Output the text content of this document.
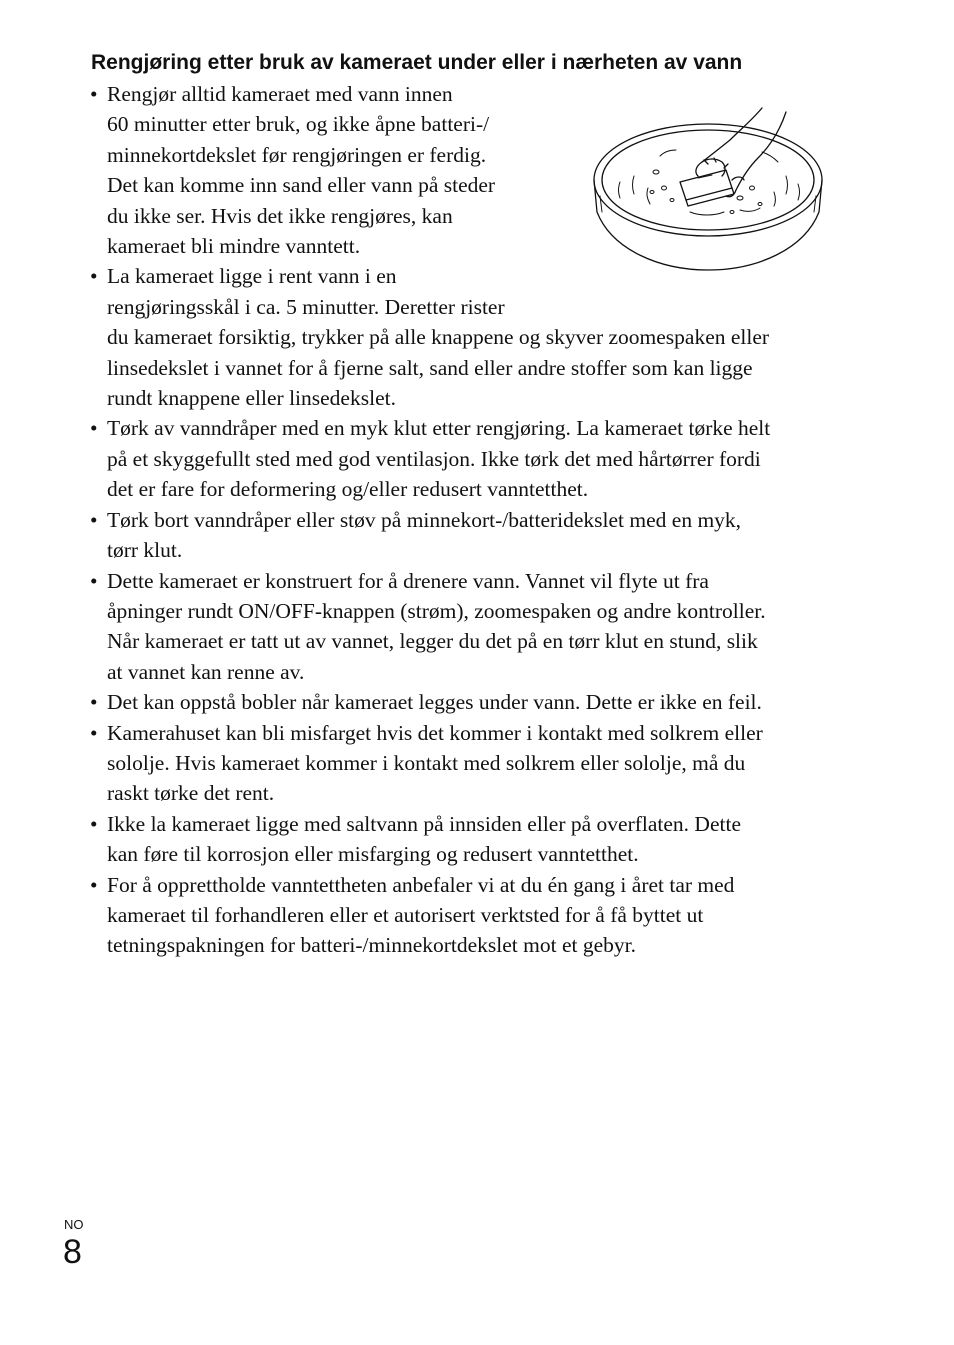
Rengjøring etter bruk av kameraet under eller i nærheten av vann
• Rengjør alltid kameraet med vann innen
60 minutter etter bruk, og ikke åpne batteri-/
minnekortdekslet før rengjøringen er ferdig.
Det kan komme inn sand eller vann på steder
du ikke ser. Hvis det ikke rengjøres, kan
kameraet bli mindre vanntett.
• La kameraet ligge i rent vann i en
rengjøringsskål i ca. 5 minutter. Deretter rister
du kameraet forsiktig, trykker på alle knappene og skyver zoomespaken eller
linsedekslet i vannet for å fjerne salt, sand eller andre stoffer som kan ligge
rundt knappene eller linsedekslet.
• Tørk av vanndråper med en myk klut etter rengjøring. La kameraet tørke helt
på et skyggefullt sted med god ventilasjon. Ikke tørk det med hårtørrer fordi
det er fare for deformering og/eller redusert vanntetthet.
• Tørk bort vanndråper eller støv på minnekort-/batteridekslet med en myk,
tørr klut.
• Dette kameraet er konstruert for å drenere vann. Vannet vil flyte ut fra
åpninger rundt ON/OFF-knappen (strøm), zoomespaken og andre kontroller.
Når kameraet er tatt ut av vannet, legger du det på en tørr klut en stund, slik
at vannet kan renne av.
• Det kan oppstå bobler når kameraet legges under vann. Dette er ikke en feil.
• Kamerahuset kan bli misfarget hvis det kommer i kontakt med solkrem eller
sololje. Hvis kameraet kommer i kontakt med solkrem eller sololje, må du
raskt tørke det rent.
• Ikke la kameraet ligge med saltvann på innsiden eller på overflaten. Dette
kan føre til korrosjon eller misfarging og redusert vanntetthet.
• For å opprettholde vanntettheten anbefaler vi at du én gang i året tar med
kameraet til forhandleren eller et autorisert verktsted for å få byttet ut
tetningspakningen for batteri-/minnekortdekslet mot et gebyr.
NO
8
